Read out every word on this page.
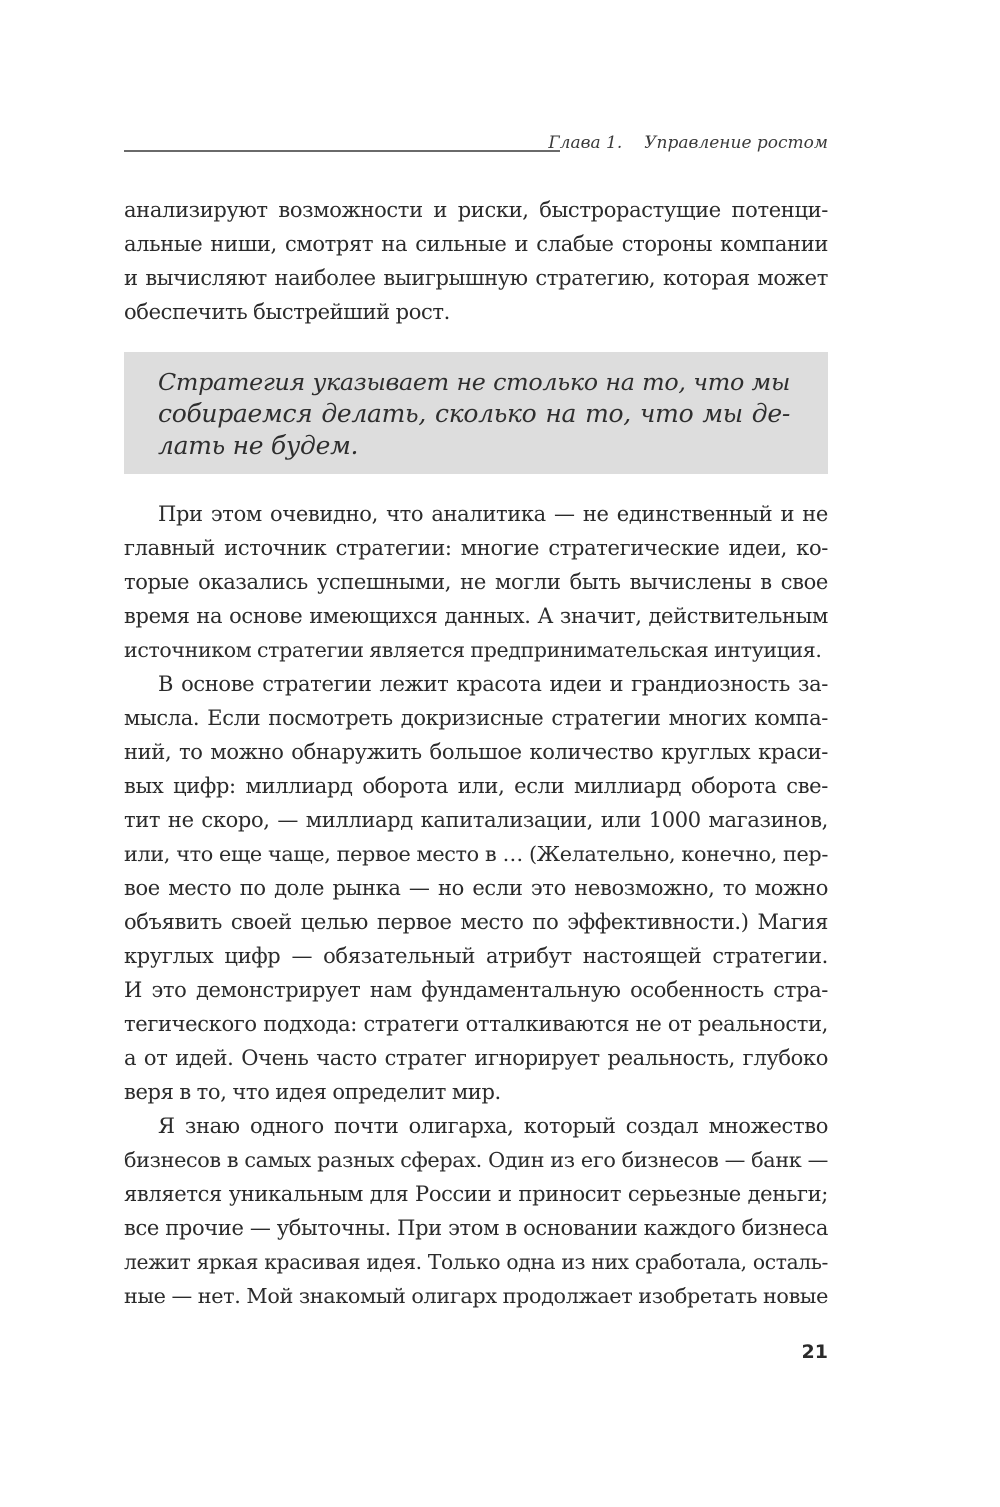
Глава 1. Управление ростом
анализируют возможности и риски, быстрорастущие потенци-
альные ниши, смотрят на сильные и слабые стороны компании
и вычисляют наиболее выигрышную стратегию, которая может
обеспечить быстрейший рост.
Стратегия указывает не столько на то, что мы
собираемся делать, сколько на то, что мы де-
лать не будем.
При этом очевидно, что аналитика — не единственный и не
главный источник стратегии: многие стратегические идеи, ко-
торые оказались успешными, не могли быть вычислены в свое
время на основе имеющихся данных. А значит, действительным
источником стратегии является предпринимательская интуиция.
В основе стратегии лежит красота идеи и грандиозность за-
мысла. Если посмотреть докризисные стратегии многих компа-
ний, то можно обнаружить большое количество круглых краси-
вых цифр: миллиард оборота или, если миллиард оборота све-
тит не скоро, — миллиард капитализации, или 1000 магазинов,
или, что еще чаще, первое место в … (Желательно, конечно, пер-
вое место по доле рынка — но если это невозможно, то можно
объявить своей целью первое место по эффективности.) Магия
круглых цифр — обязательный атрибут настоящей стратегии.
И это демонстрирует нам фундаментальную особенность стра-
тегического подхода: стратеги отталкиваются не от реальности,
а от идей. Очень часто стратег игнорирует реальность, глубоко
веря в то, что идея определит мир.
Я знаю одного почти олигарха, который создал множество
бизнесов в самых разных сферах. Один из его бизнесов — банк —
является уникальным для России и приносит серьезные деньги;
все прочие — убыточны. При этом в основании каждого бизнеса
лежит яркая красивая идея. Только одна из них сработала, осталь-
ные — нет. Мой знакомый олигарх продолжает изобретать новые
21
